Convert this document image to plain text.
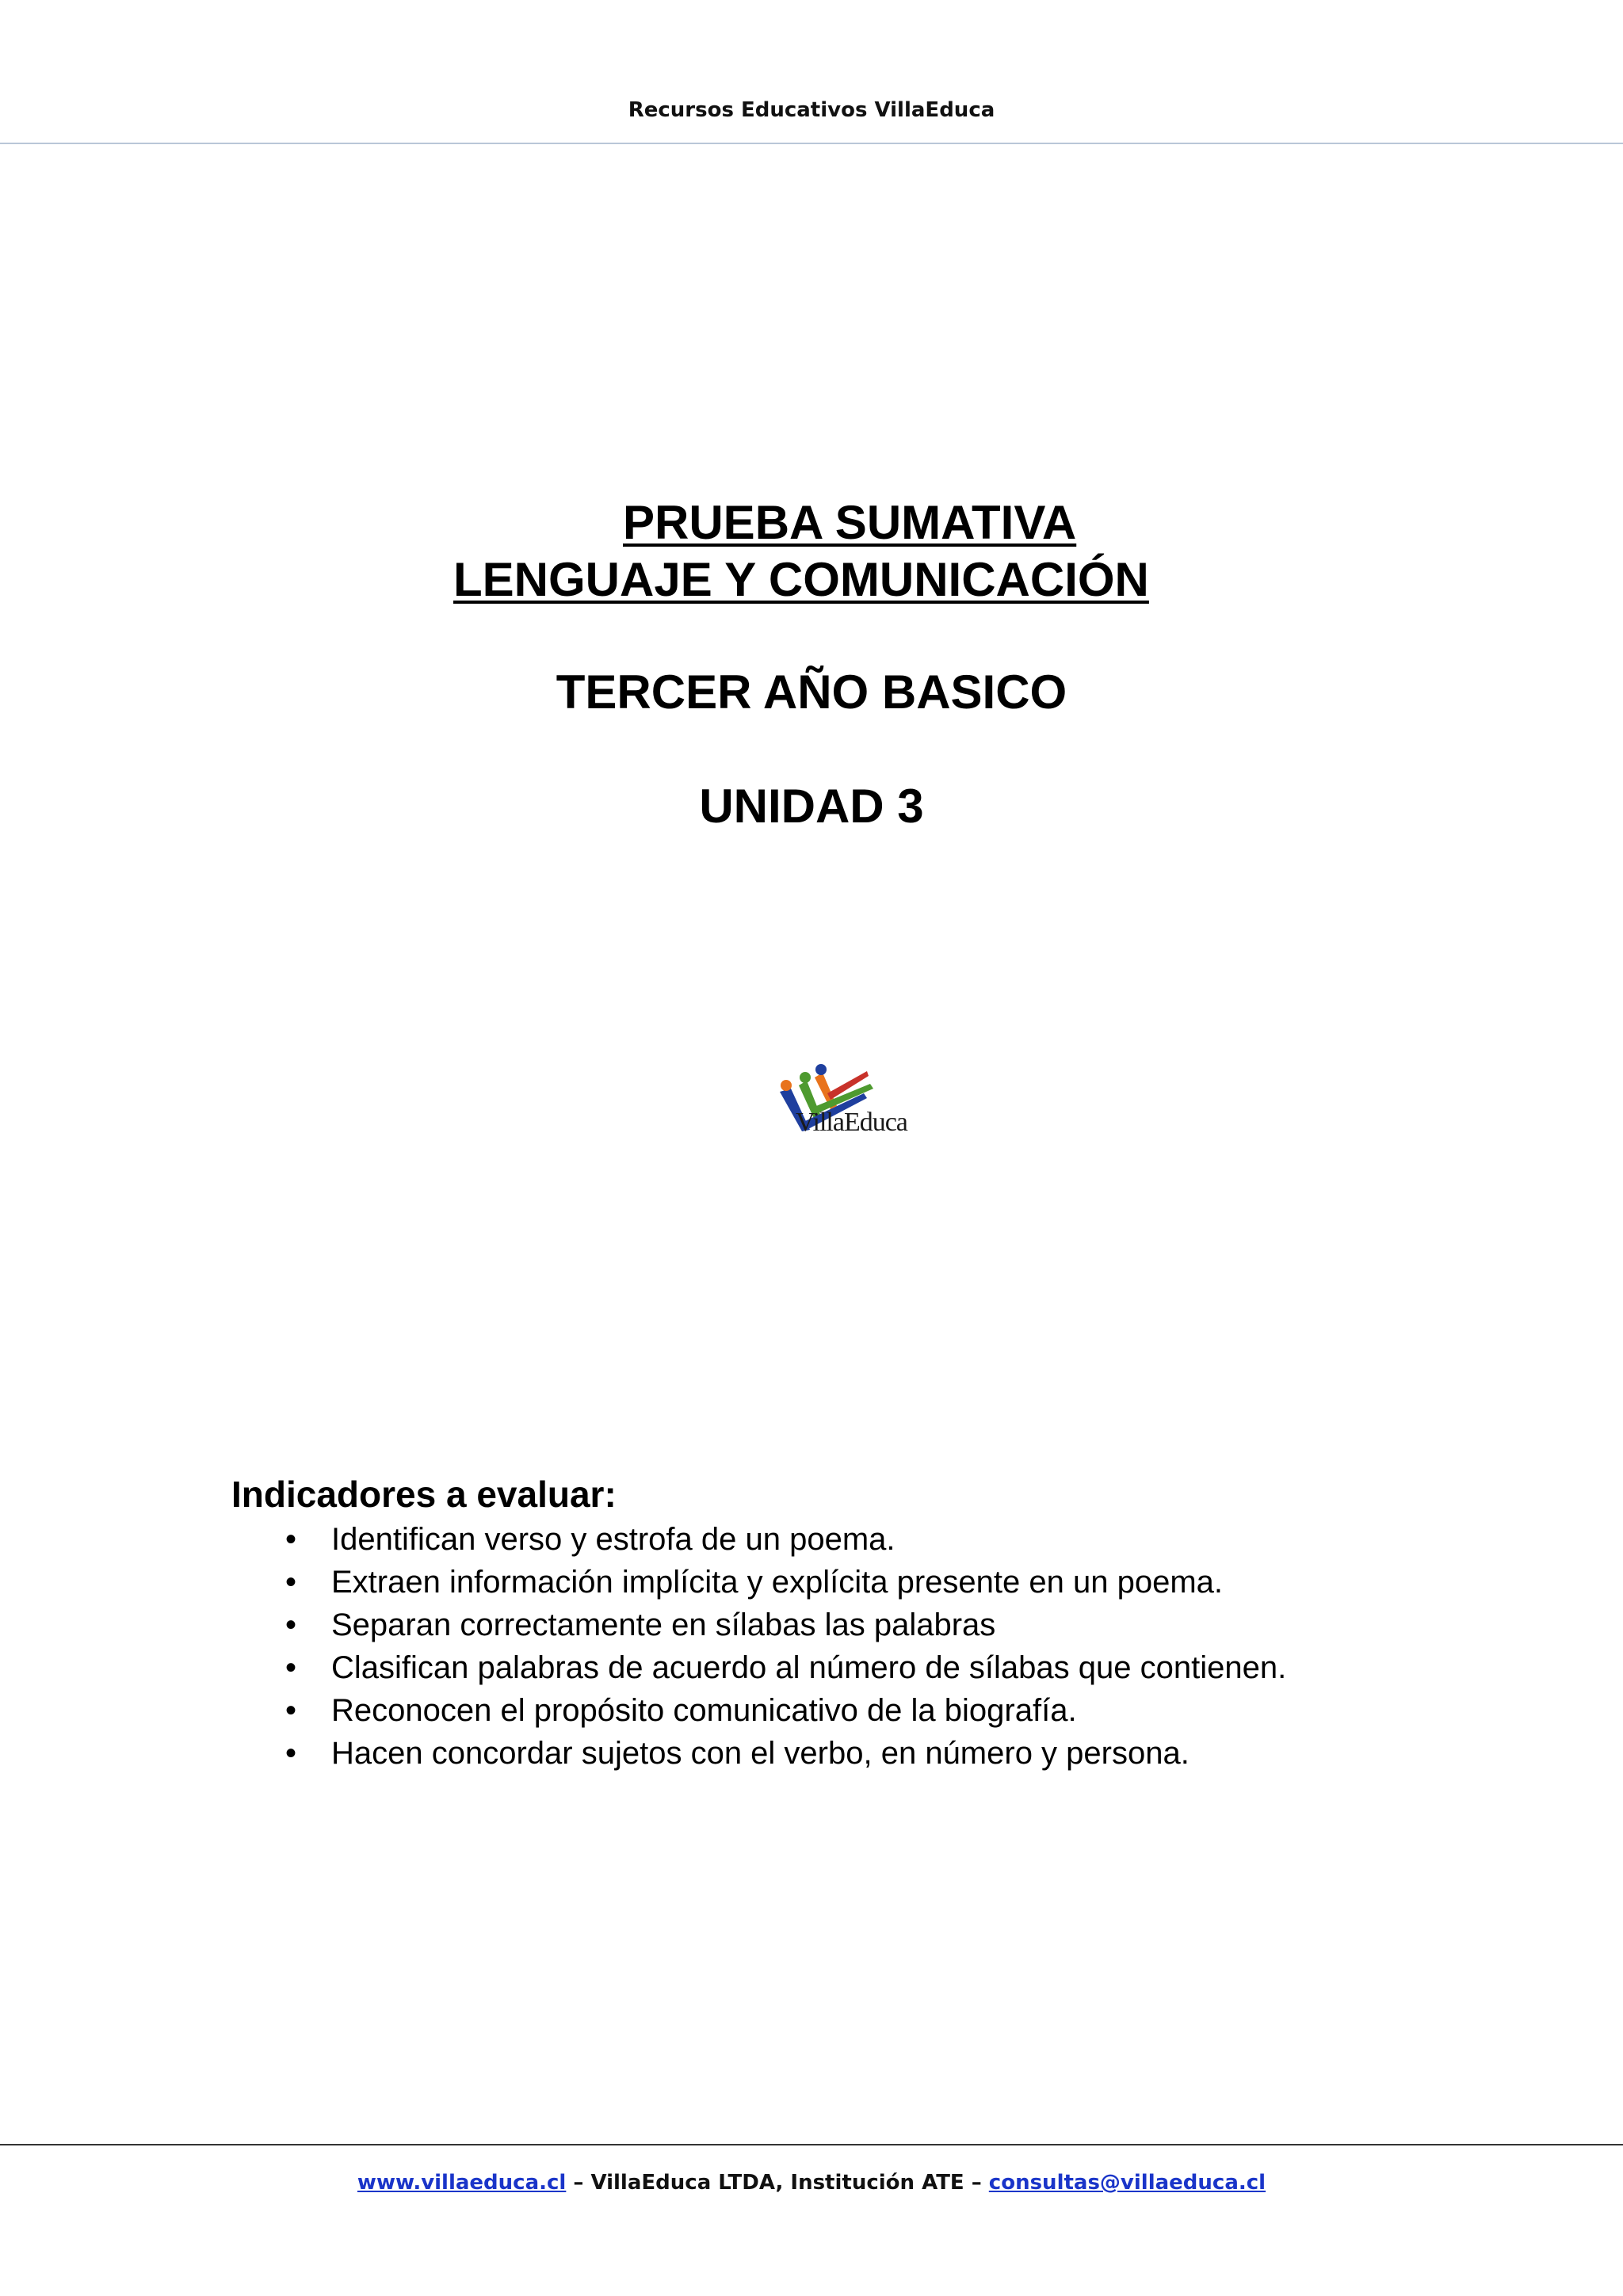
Recursos Educativos VillaEduca
PRUEBA SUMATIVA
LENGUAJE Y COMUNICACIÓN
TERCER AÑO BASICO
UNIDAD 3
VillaEduca
Indicadores a evaluar:
• Identifican verso y estrofa de un poema.
• Extraen información implícita y explícita presente en un poema.
• Separan correctamente en sílabas las palabras
• Clasifican palabras de acuerdo al número de sílabas que contienen.
• Reconocen el propósito comunicativo de la biografía.
• Hacen concordar sujetos con el verbo, en número y persona.
www.villaeduca.cl – VillaEduca LTDA, Institución ATE – consultas@villaeduca.cl
